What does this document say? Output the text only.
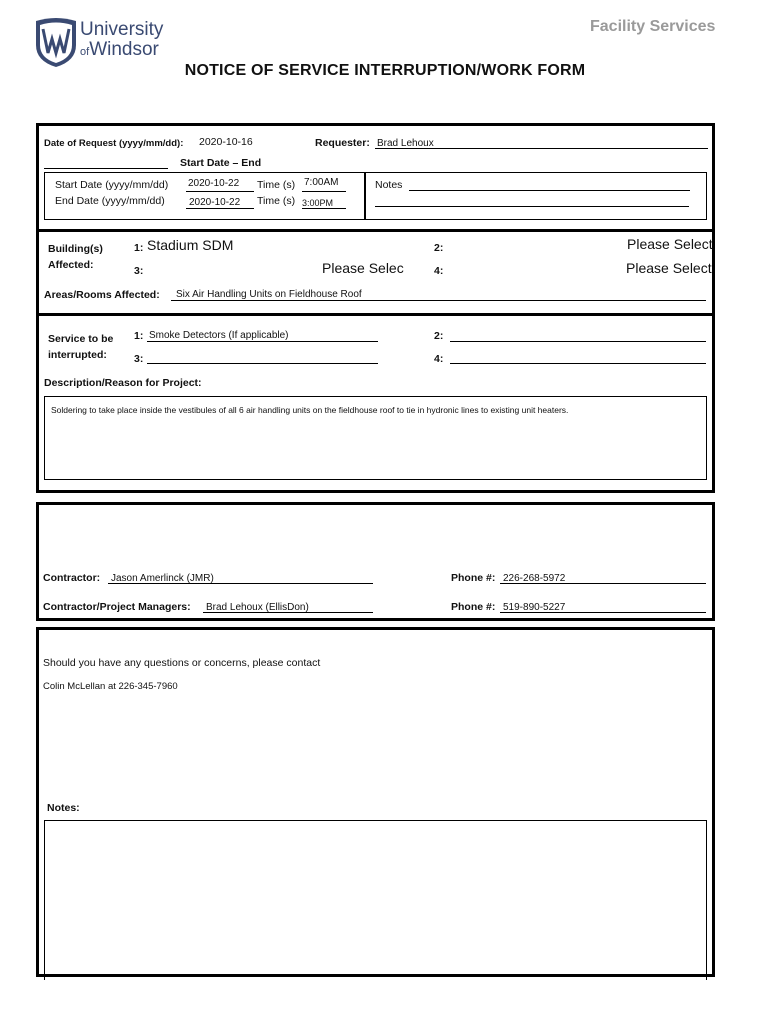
University
ofWindsor
Facility Services
NOTICE OF SERVICE INTERRUPTION/WORK FORM
Date of Request (yyyy/mm/dd): 2020-10-16	Requester: Brad Lehoux
Start Date – End
Start Date (yyyy/mm/dd) 2020-10-22 Time (s) 7:00AM
End Date (yyyy/mm/dd) 2020-10-22 Time (s) 3:00PM
Notes
Building(s)
Affected:
1: Stadium SDM	2:	Please Select
3:	Please Selec	4:	Please Select
Areas/Rooms Affected: Six Air Handling Units on Fieldhouse Roof
Service to be
interrupted:
1: Smoke Detectors (If applicable)	2:
3:	4:
Description/Reason for Project:
Soldering to take place inside the vestibules of all 6 air handling units on the fieldhouse roof to tie in hydronic lines to existing unit heaters.
Contractor: Jason Amerlinck (JMR)	Phone #: 226-268-5972
Contractor/Project Managers: Brad Lehoux (EllisDon)	Phone #: 519-890-5227
Should you have any questions or concerns, please contact
Colin McLellan at 226-345-7960
Notes:
